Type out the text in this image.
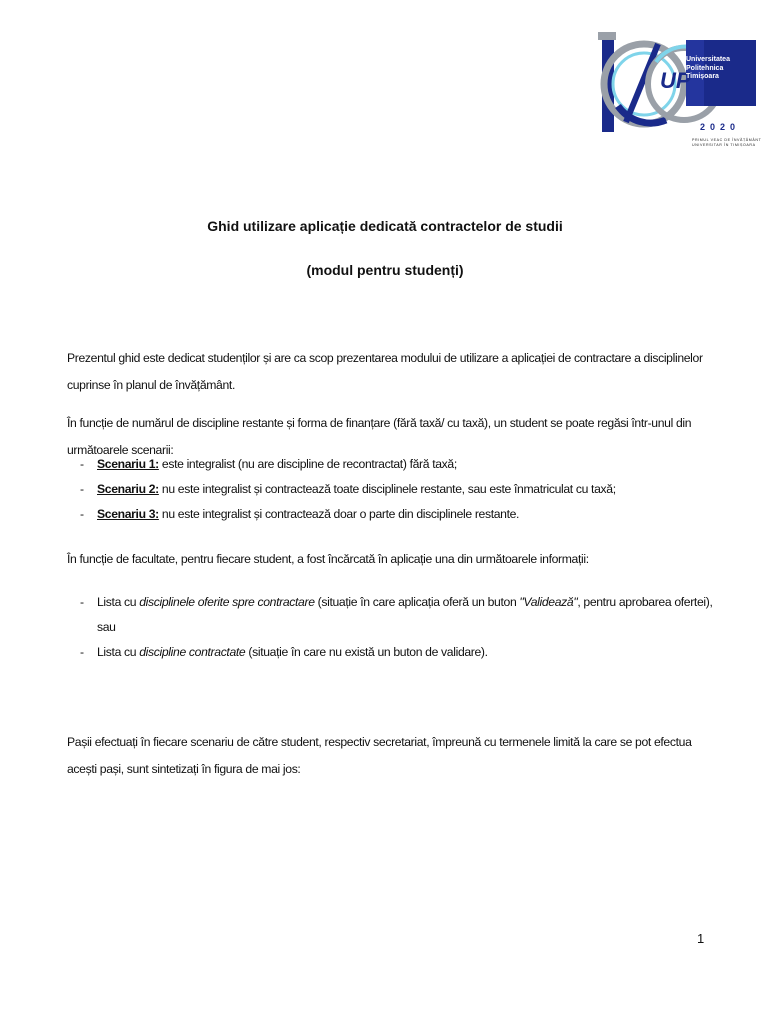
UP
Universitatea
Politehnica
Timișoara
2020
PRIMUL VEAC DE ÎNVĂȚĂMÂNT UNIVERSITAR ÎN TIMIȘOARA
Ghid utilizare aplicație dedicată contractelor de studii
(modul pentru studenți)
Prezentul ghid este dedicat studenților și are ca scop prezentarea modului de utilizare a aplicației de contractare a disciplinelor cuprinse în planul de învățământ.
În funcție de numărul de discipline restante și forma de finanțare (fără taxă/ cu taxă), un student se poate regăsi într-unul din următoarele scenarii:
- Scenariu 1: este integralist (nu are discipline de recontractat) fără taxă;
- Scenariu 2: nu este integralist și contractează toate disciplinele restante, sau este înmatriculat cu taxă;
- Scenariu 3: nu este integralist și contractează doar o parte din disciplinele restante.
În funcție de facultate, pentru fiecare student, a fost încărcată în aplicație una din următoarele informații:
- Lista cu disciplinele oferite spre contractare (situație în care aplicația oferă un buton "Validează", pentru aprobarea ofertei),
sau
- Lista cu discipline contractate (situație în care nu există un buton de validare).
Pașii efectuați în fiecare scenariu de către student, respectiv secretariat, împreună cu termenele limită la care se pot efectua acești pași, sunt sintetizați în figura de mai jos:
1
